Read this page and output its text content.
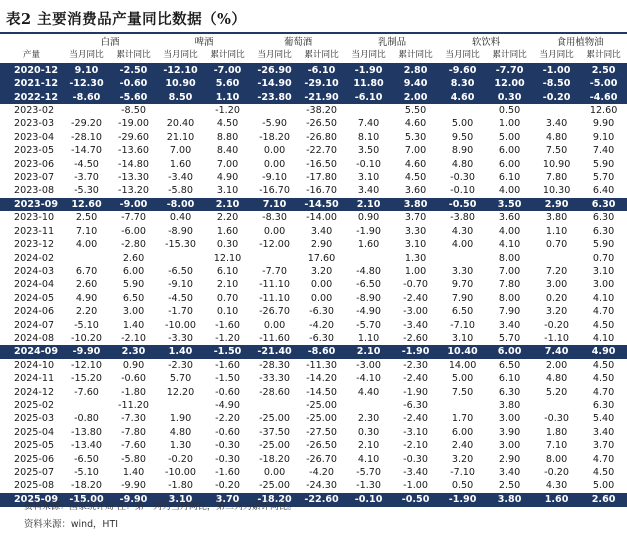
表2 主要消费品产量同比数据（%）
	白酒		啤酒		葡萄酒		乳制品		软饮料		食用植物油	
产量	当月同比	累计同比	当月同比	累计同比	当月同比	累计同比	当月同比	累计同比	当月同比	累计同比	当月同比	累计同比
2020-12	9.10	-2.50	-12.10	-7.00	-26.90	-6.10	-1.90	2.80	-9.60	-7.70	-1.00	2.50
2021-12	-12.30	-0.60	10.90	5.60	-14.90	-29.10	11.80	9.40	8.30	12.00	-8.50	-5.00
2022-12	-8.60	-5.60	8.50	1.10	-23.80	-21.90	-6.10	2.00	4.60	0.30	-0.20	-4.60
2023-02		-8.50		-1.20		-38.20		5.50		0.50		12.60
2023-03	-29.20	-19.00	20.40	4.50	-5.90	-26.50	7.40	4.60	5.00	1.00	3.40	9.90
2023-04	-28.10	-29.60	21.10	8.80	-18.20	-26.80	8.10	5.30	9.50	5.00	4.80	9.10
2023-05	-14.70	-13.60	7.00	8.40	0.00	-22.70	3.50	7.00	8.90	6.00	7.50	7.40
2023-06	-4.50	-14.80	1.60	7.00	0.00	-16.50	-0.10	4.60	4.80	6.00	10.90	5.90
2023-07	-3.70	-13.30	-3.40	4.90	-9.10	-17.80	3.10	4.50	-0.30	6.10	7.80	5.70
2023-08	-5.30	-13.20	-5.80	3.10	-16.70	-16.70	3.40	3.60	-0.10	4.00	10.30	6.40
2023-09	12.60	-9.00	-8.00	2.10	7.10	-14.50	2.10	3.80	-0.50	3.50	2.90	6.30
2023-10	2.50	-7.70	0.40	2.20	-8.30	-14.00	0.90	3.70	-3.80	3.60	3.80	6.30
2023-11	7.10	-6.00	-8.90	1.60	0.00	3.40	-1.90	3.30	4.30	4.00	1.10	6.30
2023-12	4.00	-2.80	-15.30	0.30	-12.00	2.90	1.60	3.10	4.00	4.10	0.70	5.90
2024-02		2.60		12.10		17.60		1.30		8.00		0.70
2024-03	6.70	6.00	-6.50	6.10	-7.70	3.20	-4.80	1.00	3.30	7.00	7.20	3.10
2024-04	2.60	5.90	-9.10	2.10	-11.10	0.00	-6.50	-0.70	9.70	7.80	3.00	3.00
2024-05	4.90	6.50	-4.50	0.70	-11.10	0.00	-8.90	-2.40	7.90	8.00	0.20	4.10
2024-06	2.20	3.00	-1.70	0.10	-26.70	-6.30	-4.90	-3.00	6.50	7.90	3.20	4.70
2024-07	-5.10	1.40	-10.00	-1.60	0.00	-4.20	-5.70	-3.40	-7.10	3.40	-0.20	4.50
2024-08	-10.20	-2.10	-3.30	-1.20	-11.60	-6.30	1.10	-2.60	3.10	5.70	-1.10	4.10
2024-09	-9.90	2.30	1.40	-1.50	-21.40	-8.60	2.10	-1.90	10.40	6.00	7.40	4.90
2024-10	-12.10	0.90	-2.30	-1.60	-28.30	-11.30	-3.00	-2.30	14.00	6.50	2.00	4.50
2024-11	-15.20	-0.60	5.70	-1.50	-33.30	-14.20	-4.10	-2.40	5.00	6.10	4.80	4.50
2024-12	-7.60	-1.80	12.20	-0.60	-28.60	-14.50	4.40	-1.90	7.50	6.30	5.20	4.70
2025-02		-11.20		-4.90		-25.00		-6.30		3.80		6.30
2025-03	-0.80	-7.30	1.90	-2.20	-25.00	-25.00	2.30	-2.40	1.70	3.00	-0.30	5.40
2025-04	-13.80	-7.80	4.80	-0.60	-37.50	-27.50	0.30	-3.10	6.00	3.90	1.80	3.40
2025-05	-13.40	-7.60	1.30	-0.30	-25.00	-26.50	2.10	-2.10	2.40	3.00	7.10	3.70
2025-06	-6.50	-5.80	-0.20	-0.30	-18.20	-26.70	4.10	-0.30	3.20	2.90	8.00	4.70
2025-07	-5.10	1.40	-10.00	-1.60	0.00	-4.20	-5.70	-3.40	-7.10	3.40	-0.20	4.50
2025-08	-18.20	-9.90	-1.80	-0.20	-25.00	-24.30	-1.30	-1.00	0.50	2.50	4.30	5.00
2025-09	-15.00	-9.90	3.10	3.70	-18.20	-22.60	-0.10	-0.50	-1.90	3.80	1.60	2.60
资料来源：国家统计局 注：第一列为当月同比，第二列为累计同比。
资料来源：wind，HTI
